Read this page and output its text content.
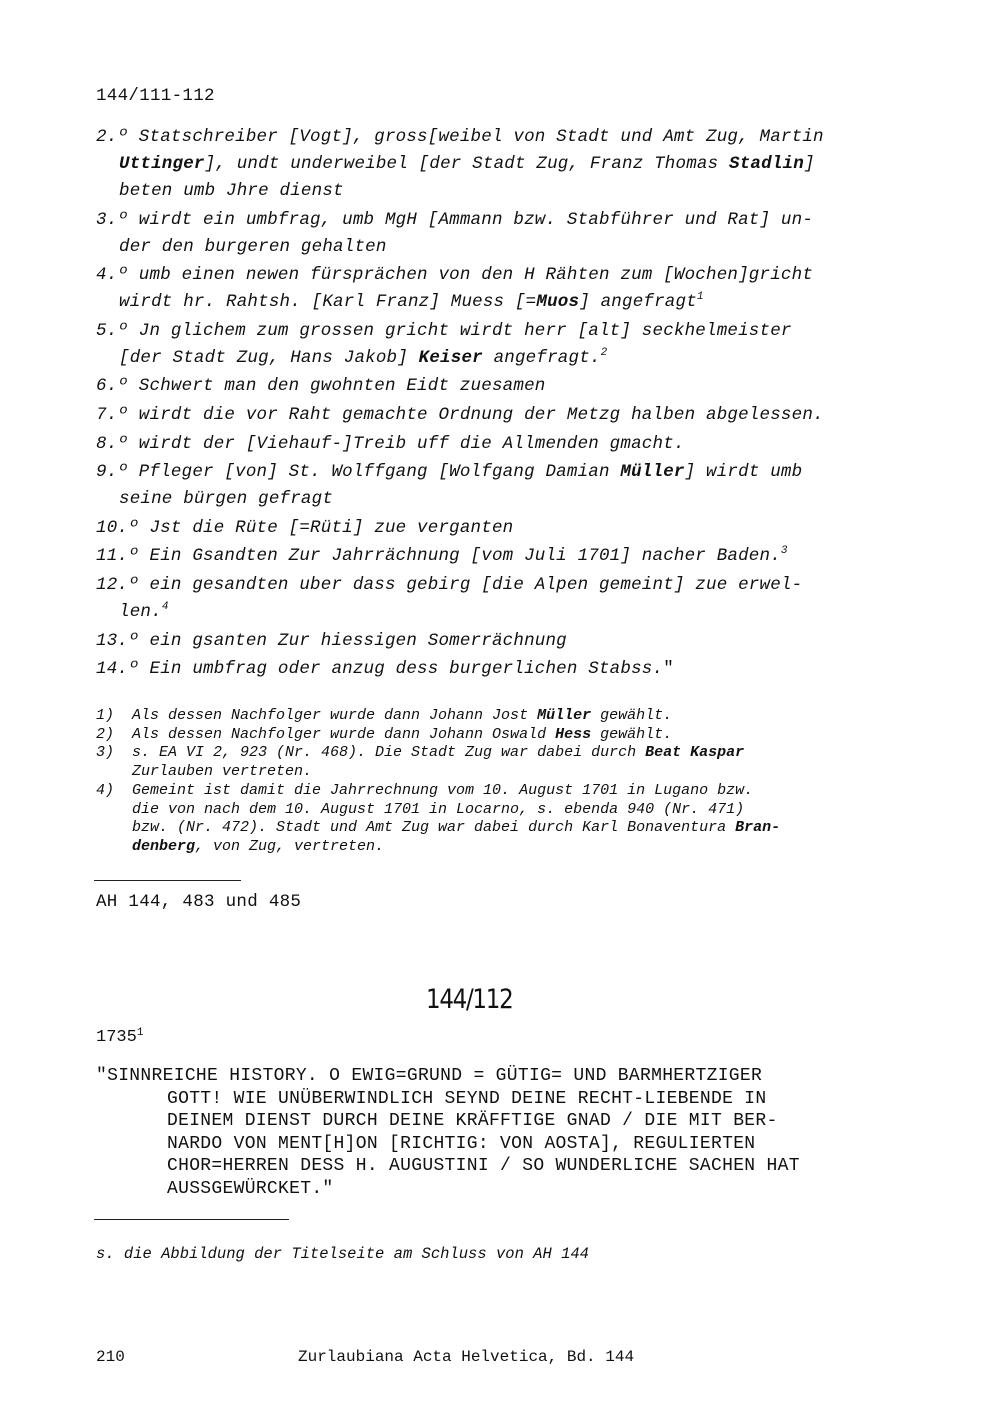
144/111-112
2.º Statschreiber [Vogt], gross[weibel von Stadt und Amt Zug, Martin
Uttinger], undt underweibel [der Stadt Zug, Franz Thomas Stadlin]
beten umb Jhre dienst
3.º wirdt ein umbfrag, umb MgH [Ammann bzw. Stabführer und Rat] un-
der den burgeren gehalten
4.º umb einen newen fürsprächen von den H Rähten zum [Wochen]gricht
wirdt hr. Rahtsh. [Karl Franz] Muess [=Muos] angefragt$^1$
5.º Jn glichem zum grossen gricht wirdt herr [alt] seckhelmeister
[der Stadt Zug, Hans Jakob] Keiser angefragt.$^2$
6.º Schwert man den gwohnten Eidt zuesamen
7.º wirdt die vor Raht gemachte Ordnung der Metzg halben abgelessen.
8.º wirdt der [Viehauf-]Treib uff die Allmenden gmacht.
9.º Pfleger [von] St. Wolffgang [Wolfgang Damian Müller] wirdt umb
seine bürgen gefragt
10.º Jst die Rüte [=Rüti] zue verganten
11.º Ein Gsandten Zur Jahrrächnung [vom Juli 1701] nacher Baden.$^3$
12.º ein gesandten uber dass gebirg [die Alpen gemeint] zue erwel-
len.$^4$
13.º ein gsanten Zur hiessigen Somerrächnung
14.º Ein umbfrag oder anzug dess burgerlichen Stabss."
1) Als dessen Nachfolger wurde dann Johann Jost Müller gewählt.
2) Als dessen Nachfolger wurde dann Johann Oswald Hess gewählt.
3) s. EA VI 2, 923 (Nr. 468). Die Stadt Zug war dabei durch Beat Kaspar
Zurlauben vertreten.
4) Gemeint ist damit die Jahrrechnung vom 10. August 1701 in Lugano bzw.
die von nach dem 10. August 1701 in Locarno, s. ebenda 940 (Nr. 471)
bzw. (Nr. 472). Stadt und Amt Zug war dabei durch Karl Bonaventura Bran-
denberg, von Zug, vertreten.
AH 144, 483 und 485
144/112
1735$^1$
"SINNREICHE HISTORY. O EWIG=GRUND = GÜTIG= UND BARMHERTZIGER
GOTT! WIE UNÜBERWINDLICH SEYND DEINE RECHT-LIEBENDE IN
DEINEM DIENST DURCH DEINE KRÄFFTIGE GNAD / DIE MIT BER-
NARDO VON MENT[H]ON [RICHTIG: VON AOSTA], REGULIERTEN
CHOR=HERREN DESS H. AUGUSTINI / SO WUNDERLICHE SACHEN HAT
AUSSGEWÜRCKET."
s. die Abbildung der Titelseite am Schluss von AH 144
210	Zurlaubiana Acta Helvetica, Bd. 144
